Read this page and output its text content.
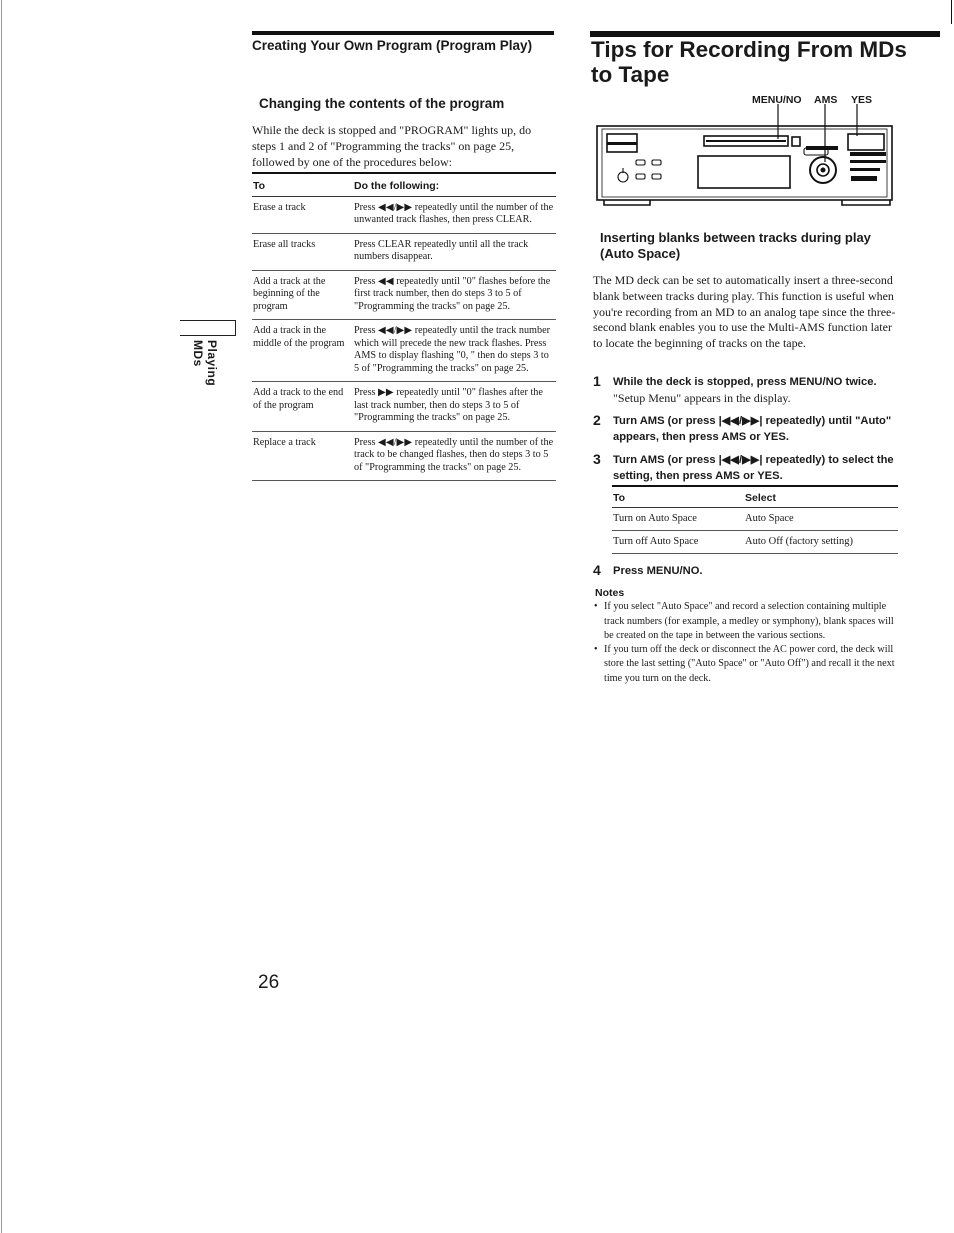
Creating Your Own Program (Program Play)
Changing the contents of the program
While the deck is stopped and "PROGRAM" lights up, do steps 1 and 2 of "Programming the tracks" on page 25, followed by one of the procedures below:
To	Do the following:
Erase a track	Press ◀◀/▶▶ repeatedly until the number of the unwanted track flashes, then press CLEAR.
Erase all tracks	Press CLEAR repeatedly until all the track numbers disappear.
Add a track at the beginning of the program	Press ◀◀ repeatedly until "0" flashes before the first track number, then do steps 3 to 5 of "Programming the tracks" on page 25.
Add a track in the middle of the program	Press ◀◀/▶▶ repeatedly until the track number which will precede the new track flashes. Press AMS to display flashing "0, " then do steps 3 to 5 of "Programming the tracks" on page 25.
Add a track to the end of the program	Press ▶▶ repeatedly until "0" flashes after the last track number, then do steps 3 to 5 of "Programming the tracks" on page 25.
Replace a track	Press ◀◀/▶▶ repeatedly until the number of the track to be changed flashes, then do steps 3 to 5 of "Programming the tracks" on page 25.
Playing MDs
Tips for Recording From MDs to Tape
MENU/NO AMS YES
Inserting blanks between tracks during play (Auto Space)
The MD deck can be set to automatically insert a three-second blank between tracks during play. This function is useful when you're recording from an MD to an analog tape since the three-second blank enables you to use the Multi-AMS function later to locate the beginning of tracks on the tape.
1 While the deck is stopped, press MENU/NO twice.
"Setup Menu" appears in the display.
2 Turn AMS (or press |◀◀/▶▶| repeatedly) until "Auto" appears, then press AMS or YES.
3 Turn AMS (or press |◀◀/▶▶| repeatedly) to select the setting, then press AMS or YES.
To	Select
Turn on Auto Space	Auto Space
Turn off Auto Space	Auto Off (factory setting)
4 Press MENU/NO.
Notes
• If you select "Auto Space" and record a selection containing multiple track numbers (for example, a medley or symphony), blank spaces will be created on the tape in between the various sections.
• If you turn off the deck or disconnect the AC power cord, the deck will store the last setting ("Auto Space" or "Auto Off") and recall it the next time you turn on the deck.
26
